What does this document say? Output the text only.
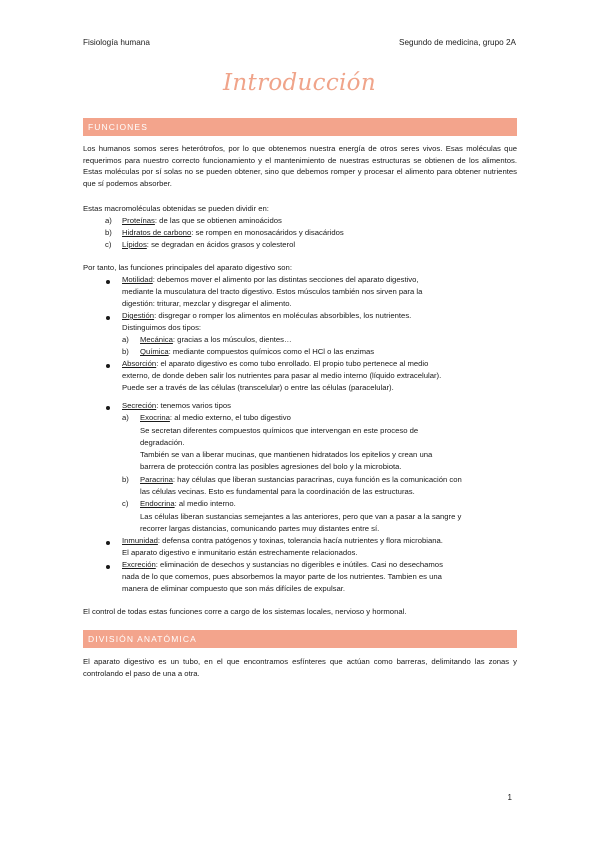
Fisiología humana	Segundo de medicina, grupo 2A
Introducción
FUNCIONES

Los humanos somos seres heterótrofos, por lo que obtenemos nuestra energía de otros seres vivos. Esas moléculas que requerimos para nuestro correcto funcionamiento y el mantenimiento de nuestras estructuras se obtienen de los alimentos. Estas moléculas por sí solas no se pueden obtener, sino que debemos romper y procesar el alimento para obtener nutrientes que sí podemos absorber.

Estas macromoléculas obtenidas se pueden dividir en:
a) Proteínas: de las que se obtienen aminoácidos
b) Hidratos de carbono: se rompen en monosacáridos y disacáridos
c) Lípidos: se degradan en ácidos grasos y colesterol
Por tanto, las funciones principales del aparato digestivo son:
Motilidad: debemos mover el alimento por las distintas secciones del aparato digestivo,
mediante la musculatura del tracto digestivo. Estos músculos también nos sirven para la
digestión: triturar, mezclar y disgregar el alimento.
Digestión: disgregar o romper los alimentos en moléculas absorbibles, los nutrientes.
Distinguimos dos tipos:
a) Mecánica: gracias a los músculos, dientes…
b) Química: mediante compuestos químicos como el HCl o las enzimas
Absorción: el aparato digestivo es como tubo enrollado. El propio tubo pertenece al medio
externo, de donde deben salir los nutrientes para pasar al medio interno (líquido extracelular).
Puede ser a través de las células (transcelular) o entre las células (paracelular).
Secreción: tenemos varios tipos
a) Exocrina: al medio externo, el tubo digestivo
Se secretan diferentes compuestos químicos que intervengan en este proceso de
degradación.
También se van a liberar mucinas, que mantienen hidratados los epitelios y crean una
barrera de protección contra las posibles agresiones del bolo y la microbiota.
b) Paracrina: hay células que liberan sustancias paracrinas, cuya función es la comunicación con
las células vecinas. Esto es fundamental para la coordinación de las estructuras.
c) Endocrina: al medio interno.
Las células liberan sustancias semejantes a las anteriores, pero que van a pasar a la sangre y
recorrer largas distancias, comunicando partes muy distantes entre sí.
Inmunidad: defensa contra patógenos y toxinas, tolerancia hacía nutrientes y flora microbiana.
El aparato digestivo e inmunitario están estrechamente relacionados.
Excreción: eliminación de desechos y sustancias no digeribles e inútiles. Casi no desechamos
nada de lo que comemos, pues absorbemos la mayor parte de los nutrientes. Tambien es una
manera de eliminar compuesto que son más difíciles de expulsar.
El control de todas estas funciones corre a cargo de los sistemas locales, nervioso y hormonal.
DIVISIÓN ANATÓMICA

El aparato digestivo es un tubo, en el que encontramos esfínteres que actúan como barreras, delimitando las zonas y controlando el paso de una a otra.

1
